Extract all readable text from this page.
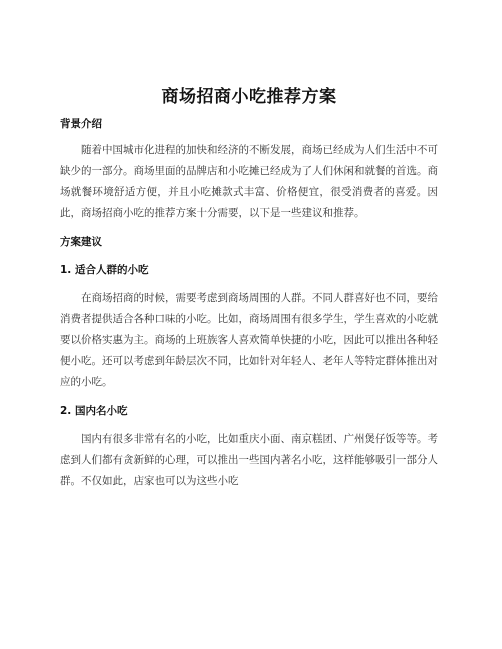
商场招商小吃推荐方案
背景介绍

随着中国城市化进程的加快和经济的不断发展，商场已经成为人们生活中不可缺少的一部分。商场里面的品牌店和小吃摊已经成为了人们休闲和就餐的首选。商场就餐环境舒适方便，并且小吃摊款式丰富、价格便宜，很受消费者的喜爱。因此，商场招商小吃的推荐方案十分需要，以下是一些建议和推荐。

方案建议
1. 适合人群的小吃

在商场招商的时候，需要考虑到商场周围的人群。不同人群喜好也不同，要给消费者提供适合各种口味的小吃。比如，商场周围有很多学生，学生喜欢的小吃就要以价格实惠为主。商场的上班族客人喜欢简单快捷的小吃，因此可以推出各种轻便小吃。还可以考虑到年龄层次不同，比如针对年轻人、老年人等特定群体推出对应的小吃。

2. 国内名小吃

国内有很多非常有名的小吃，比如重庆小面、南京糕团、广州煲仔饭等等。考虑到人们都有贪新鲜的心理，可以推出一些国内著名小吃，这样能够吸引一部分人群。不仅如此，店家也可以为这些小吃
